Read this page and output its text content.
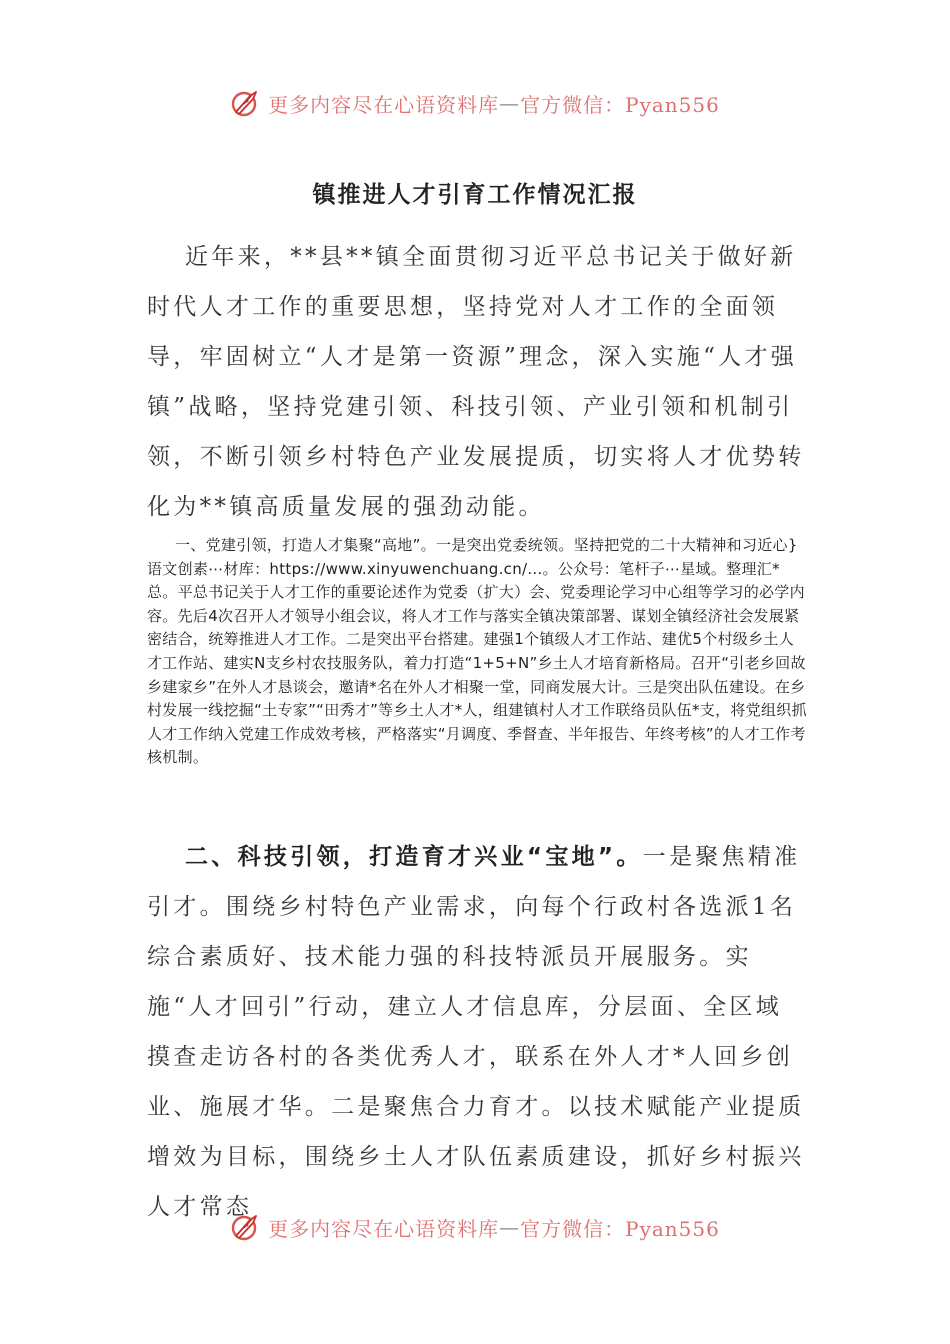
更多内容尽在心语资料库 — 官方微信：Pyan556
镇推进人才引育工作情况汇报

近年来，**县**镇全面贯彻习近平总书记关于做好新时代人才工作的重要思想，坚持党对人才工作的全面领导，牢固树立“人才是第一资源”理念，深入实施“人才强镇”战略，坚持党建引领、科技引领、产业引领和机制引领，不断引领乡村特色产业发展提质，切实将人才优势转化为**镇高质量发展的强劲动能。

一、党建引领，打造人才集聚“高地”。一是突出党委统领。坚持把党的二十大精神和习近心}语文创素⋯材库：https://www.xinyuwenchuang.cn/...。公众号：笔杆子⋯星域。整理汇*总。平总书记关于人才工作的重要论述作为党委（扩大）会、党委理论学习中心组等学习的必学内容。先后4次召开人才领导小组会议，将人才工作与落实全镇决策部署、谋划全镇经济社会发展紧密结合，统筹推进人才工作。二是突出平台搭建。建强1个镇级人才工作站、建优5个村级乡土人才工作站、建实N支乡村农技服务队，着力打造“1+5+N”乡土人才培育新格局。召开“引老乡回故乡建家乡”在外人才恳谈会，邀请*名在外人才相聚一堂，同商发展大计。三是突出队伍建设。在乡村发展一线挖掘“土专家”“田秀才”等乡土人才*人，组建镇村人才工作联络员队伍*支，将党组织抓人才工作纳入党建工作成效考核，严格落实“月调度、季督查、半年报告、年终考核”的人才工作考核机制。

二、科技引领，打造育才兴业“宝地”。一是聚焦精准引才。围绕乡村特色产业需求，向每个行政村各选派1名综合素质好、技术能力强的科技特派员开展服务。实施“人才回引”行动，建立人才信息库，分层面、全区域摸查走访各村的各类优秀人才，联系在外人才*人回乡创业、施展才华。二是聚焦合力育才。以技术赋能产业提质增效为目标，围绕乡土人才队伍素质建设，抓好乡村振兴人才常态

更多内容尽在心语资料库 — 官方微信：Pyan556
